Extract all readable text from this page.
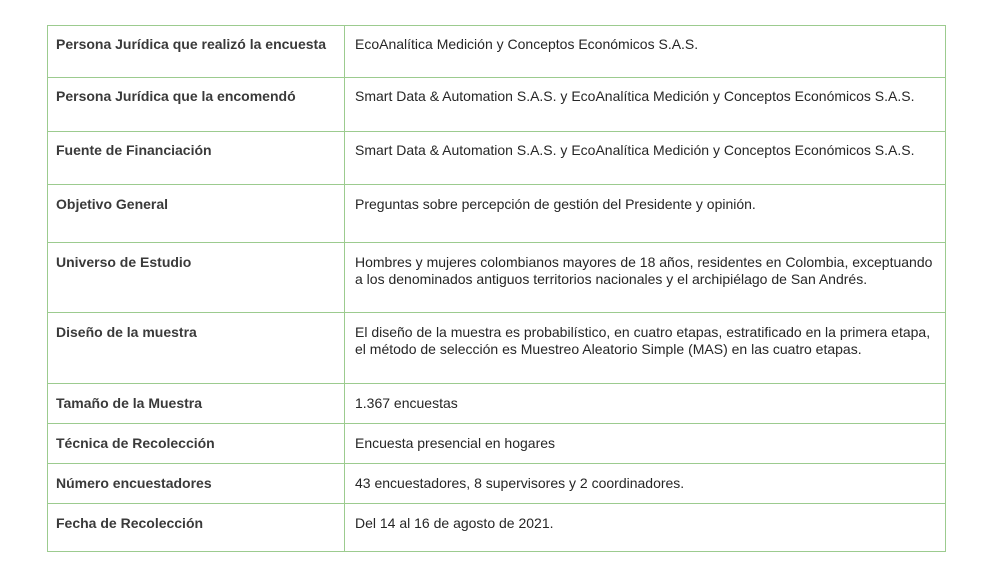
Persona Jurídica que realizó la encuesta	EcoAnalítica Medición y Conceptos Económicos S.A.S.
Persona Jurídica que la encomendó	Smart Data & Automation S.A.S. y EcoAnalítica Medición y Conceptos Económicos S.A.S.
Fuente de Financiación	Smart Data & Automation S.A.S. y EcoAnalítica Medición y Conceptos Económicos S.A.S.
Objetivo General	Preguntas sobre percepción de gestión del Presidente y opinión.
Universo de Estudio	Hombres y mujeres colombianos mayores de 18 años, residentes en Colombia, exceptuando a los denominados antiguos territorios nacionales y el archipiélago de San Andrés.
Diseño de la muestra	El diseño de la muestra es probabilístico, en cuatro etapas, estratificado en la primera etapa, el método de selección es Muestreo Aleatorio Simple (MAS) en las cuatro etapas.
Tamaño de la Muestra	1.367 encuestas
Técnica de Recolección	Encuesta presencial en hogares
Número encuestadores	43 encuestadores, 8 supervisores y 2 coordinadores.
Fecha de Recolección	Del 14 al 16 de agosto de 2021.
